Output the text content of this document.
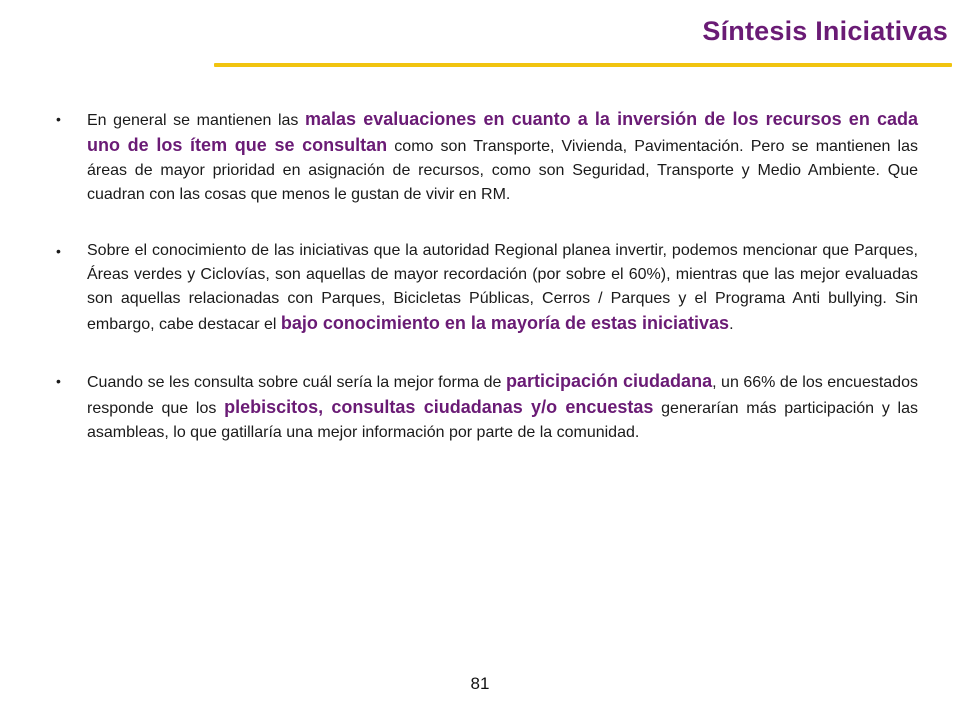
Síntesis Iniciativas
• En general se mantienen las malas evaluaciones en cuanto a la inversión de los recursos en cada uno de los ítem que se consultan como son Transporte, Vivienda, Pavimentación. Pero se mantienen las áreas de mayor prioridad en asignación de recursos, como son Seguridad, Transporte y Medio Ambiente. Que cuadran con las cosas que menos le gustan de vivir en RM.
• Sobre el conocimiento de las iniciativas que la autoridad Regional planea invertir, podemos mencionar que Parques, Áreas verdes y Ciclovías, son aquellas de mayor recordación (por sobre el 60%), mientras que las mejor evaluadas son aquellas relacionadas con Parques, Bicicletas Públicas, Cerros / Parques y el Programa Anti bullying. Sin embargo, cabe destacar el bajo conocimiento en la mayoría de estas iniciativas.
• Cuando se les consulta sobre cuál sería la mejor forma de participación ciudadana, un 66% de los encuestados responde que los plebiscitos, consultas ciudadanas y/o encuestas generarían más participación y las asambleas, lo que gatillaría una mejor información por parte de la comunidad.
81
